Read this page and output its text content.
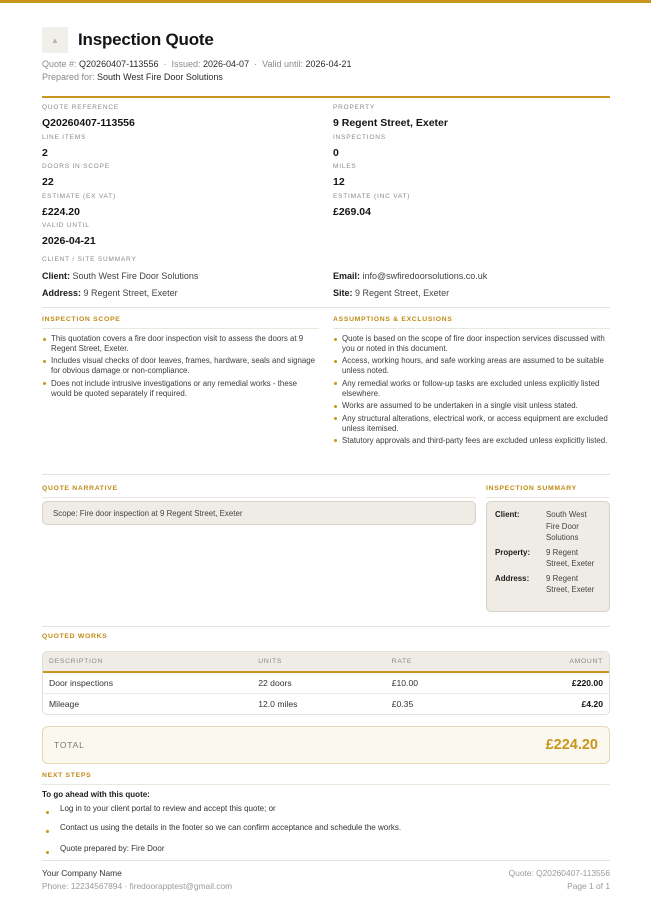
▲	Inspection Quote
Quote #: Q20260407-113556 · Issued: 2026-04-07 · Valid until: 2026-04-21
Prepared for: South West Fire Door Solutions
QUOTE REFERENCE
Q20260407-113556
LINE ITEMS
2
DOORS IN SCOPE
22
ESTIMATE (EX VAT)
£224.20
VALID UNTIL
2026-04-21
PROPERTY
9 Regent Street, Exeter
INSPECTIONS
0
MILES
12
ESTIMATE (INC VAT)
£269.04
CLIENT / SITE SUMMARY
Client: South West Fire Door Solutions	Email: info@swfiredoorsolutions.co.uk
Address: 9 Regent Street, Exeter	Site: 9 Regent Street, Exeter
INSPECTION SCOPE
This quotation covers a fire door inspection visit to assess the doors at 9 Regent Street, Exeter.
Includes visual checks of door leaves, frames, hardware, seals and signage for obvious damage or non-compliance.
Does not include intrusive investigations or any remedial works - these would be quoted separately if required.
ASSUMPTIONS & EXCLUSIONS
Quote is based on the scope of fire door inspection services discussed with you or noted in this document.
Access, working hours, and safe working areas are assumed to be suitable unless noted.
Any remedial works or follow-up tasks are excluded unless explicitly listed elsewhere.
Works are assumed to be undertaken in a single visit unless stated.
Any structural alterations, electrical work, or access equipment are excluded unless itemised.
Statutory approvals and third-party fees are excluded unless explicitly listed.
QUOTE NARRATIVE
Scope: Fire door inspection at 9 Regent Street, Exeter
INSPECTION SUMMARY
Client:	South West Fire Door Solutions
Property:	9 Regent Street, Exeter
Address:	9 Regent Street, Exeter
QUOTED WORKS
DESCRIPTION	UNITS	RATE	AMOUNT
Door inspections	22 doors	£10.00	£220.00
Mileage	12.0 miles	£0.35	£4.20
TOTAL	£224.20
NEXT STEPS
To go ahead with this quote:
Log in to your client portal to review and accept this quote; or
Contact us using the details in the footer so we can confirm acceptance and schedule the works.
Quote prepared by: Fire Door
Your Company Name
Phone: 12234567894 · firedoorapptest@gmail.com
Quote: Q20260407-113556
Page 1 of 1
